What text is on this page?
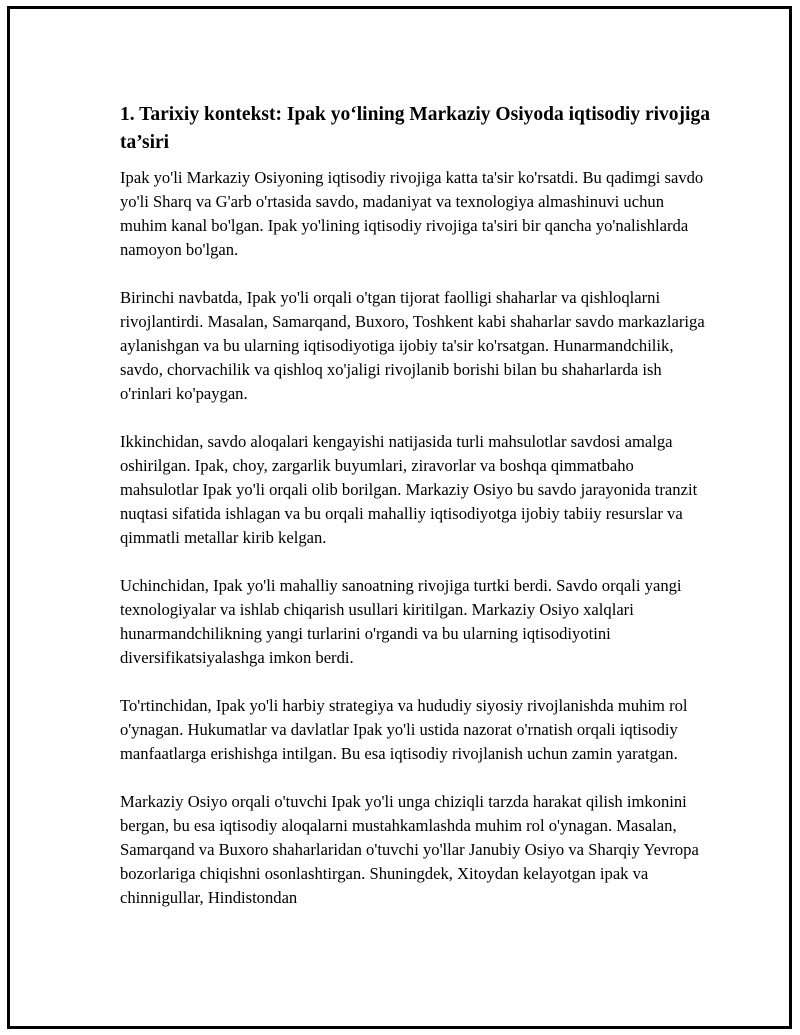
1. Tarixiy kontekst: Ipak yo‘lining Markaziy Osiyoda iqtisodiy rivojiga ta’siri

Ipak yo'li Markaziy Osiyoning iqtisodiy rivojiga katta ta'sir ko'rsatdi. Bu qadimgi savdo yo'li Sharq va G'arb o'rtasida savdo, madaniyat va texnologiya almashinuvi uchun muhim kanal bo'lgan. Ipak yo'lining iqtisodiy rivojiga ta'siri bir qancha yo'nalishlarda namoyon bo'lgan.

Birinchi navbatda, Ipak yo'li orqali o'tgan tijorat faolligi shaharlar va qishloqlarni rivojlantirdi. Masalan, Samarqand, Buxoro, Toshkent kabi shaharlar savdo markazlariga aylanishgan va bu ularning iqtisodiyotiga ijobiy ta'sir ko'rsatgan. Hunarmandchilik, savdo, chorvachilik va qishloq xo'jaligi rivojlanib borishi bilan bu shaharlarda ish o'rinlari ko'paygan.

Ikkinchidan, savdo aloqalari kengayishi natijasida turli mahsulotlar savdosi amalga oshirilgan. Ipak, choy, zargarlik buyumlari, ziravorlar va boshqa qimmatbaho mahsulotlar Ipak yo'li orqali olib borilgan. Markaziy Osiyo bu savdo jarayonida tranzit nuqtasi sifatida ishlagan va bu orqali mahalliy iqtisodiyotga ijobiy tabiiy resurslar va qimmatli metallar kirib kelgan.

Uchinchidan, Ipak yo'li mahalliy sanoatning rivojiga turtki berdi. Savdo orqali yangi texnologiyalar va ishlab chiqarish usullari kiritilgan. Markaziy Osiyo xalqlari hunarmandchilikning yangi turlarini o'rgandi va bu ularning iqtisodiyotini diversifikatsiyalashga imkon berdi.

To'rtinchidan, Ipak yo'li harbiy strategiya va hududiy siyosiy rivojlanishda muhim rol o'ynagan. Hukumatlar va davlatlar Ipak yo'li ustida nazorat o'rnatish orqali iqtisodiy manfaatlarga erishishga intilgan. Bu esa iqtisodiy rivojlanish uchun zamin yaratgan.

Markaziy Osiyo orqali o'tuvchi Ipak yo'li unga chiziqli tarzda harakat qilish imkonini bergan, bu esa iqtisodiy aloqalarni mustahkamlashda muhim rol o'ynagan. Masalan, Samarqand va Buxoro shaharlaridan o'tuvchi yo'llar Janubiy Osiyo va Sharqiy Yevropa bozorlariga chiqishni osonlashtirgan. Shuningdek, Xitoydan kelayotgan ipak va chinnigullar, Hindistondan
